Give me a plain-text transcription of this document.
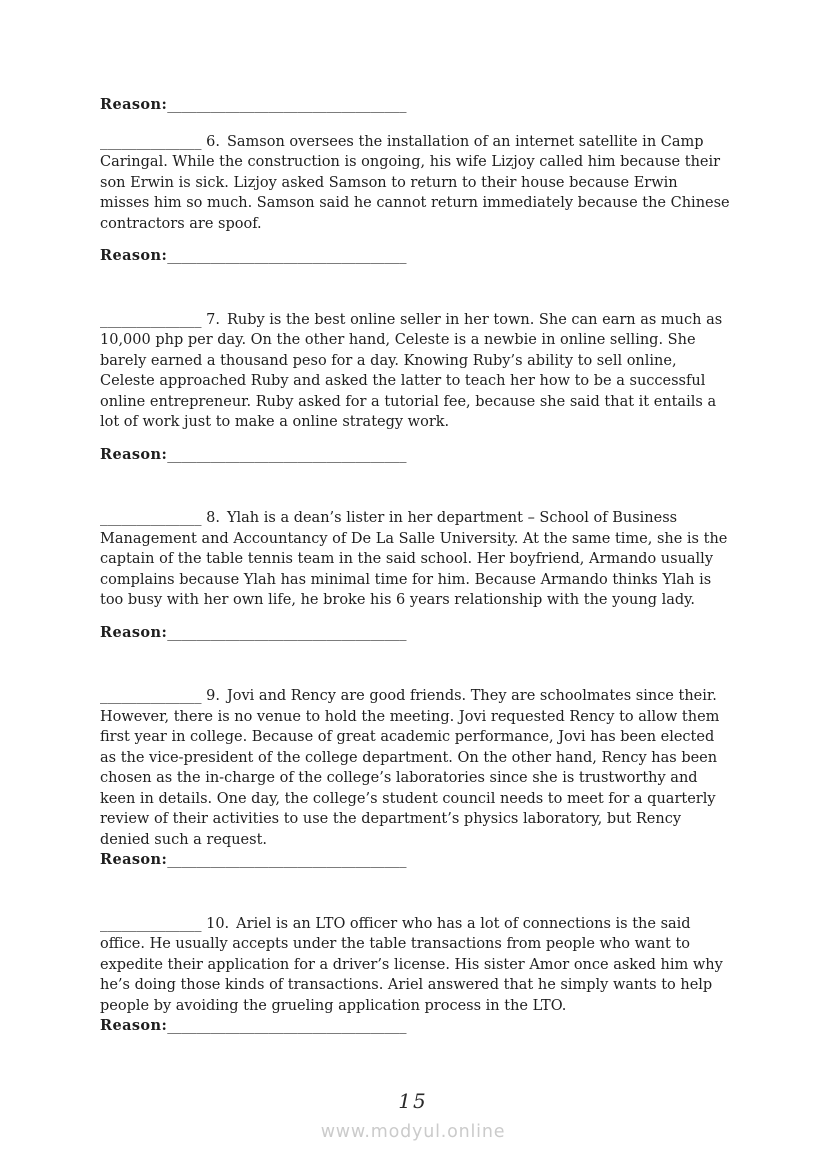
Reason:_________________________________

______________ 6. Samson oversees the installation of an internet satellite in Camp Caringal. While the construction is ongoing, his wife Lizjoy called him because their son Erwin is sick. Lizjoy asked Samson to return to their house because Erwin misses him so much. Samson said he cannot return immediately because the Chinese contractors are spoof.

Reason:_________________________________

______________ 7. Ruby is the best online seller in her town. She can earn as much as 10,000 php per day. On the other hand, Celeste is a newbie in online selling. She barely earned a thousand peso for a day. Knowing Ruby’s ability to sell online, Celeste approached Ruby and asked the latter to teach her how to be a successful online entrepreneur. Ruby asked for a tutorial fee, because she said that it entails a lot of work just to make a online strategy work.

Reason:_________________________________

______________ 8. Ylah is a dean’s lister in her department – School of Business Management and Accountancy of De La Salle University. At the same time, she is the captain of the table tennis team in the said school. Her boyfriend, Armando usually complains because Ylah has minimal time for him. Because Armando thinks Ylah is too busy with her own life, he broke his 6 years relationship with the young lady.

Reason:_________________________________

______________ 9. Jovi and Rency are good friends. They are schoolmates since their. However, there is no venue to hold the meeting. Jovi requested Rency to allow them first year in college. Because of great academic performance, Jovi has been elected as the vice-president of the college department. On the other hand, Rency has been chosen as the in-charge of the college’s laboratories since she is trustworthy and keen in details. One day, the college’s student council needs to meet for a quarterly review of their activities to use the department’s physics laboratory, but Rency denied such a request.

Reason:_________________________________

______________ 10. Ariel is an LTO officer who has a lot of connections is the said office. He usually accepts under the table transactions from people who want to expedite their application for a driver’s license. His sister Amor once asked him why he’s doing those kinds of transactions. Ariel answered that he simply wants to help people by avoiding the grueling application process in the LTO.

Reason:_________________________________

15
www.modyul.online
